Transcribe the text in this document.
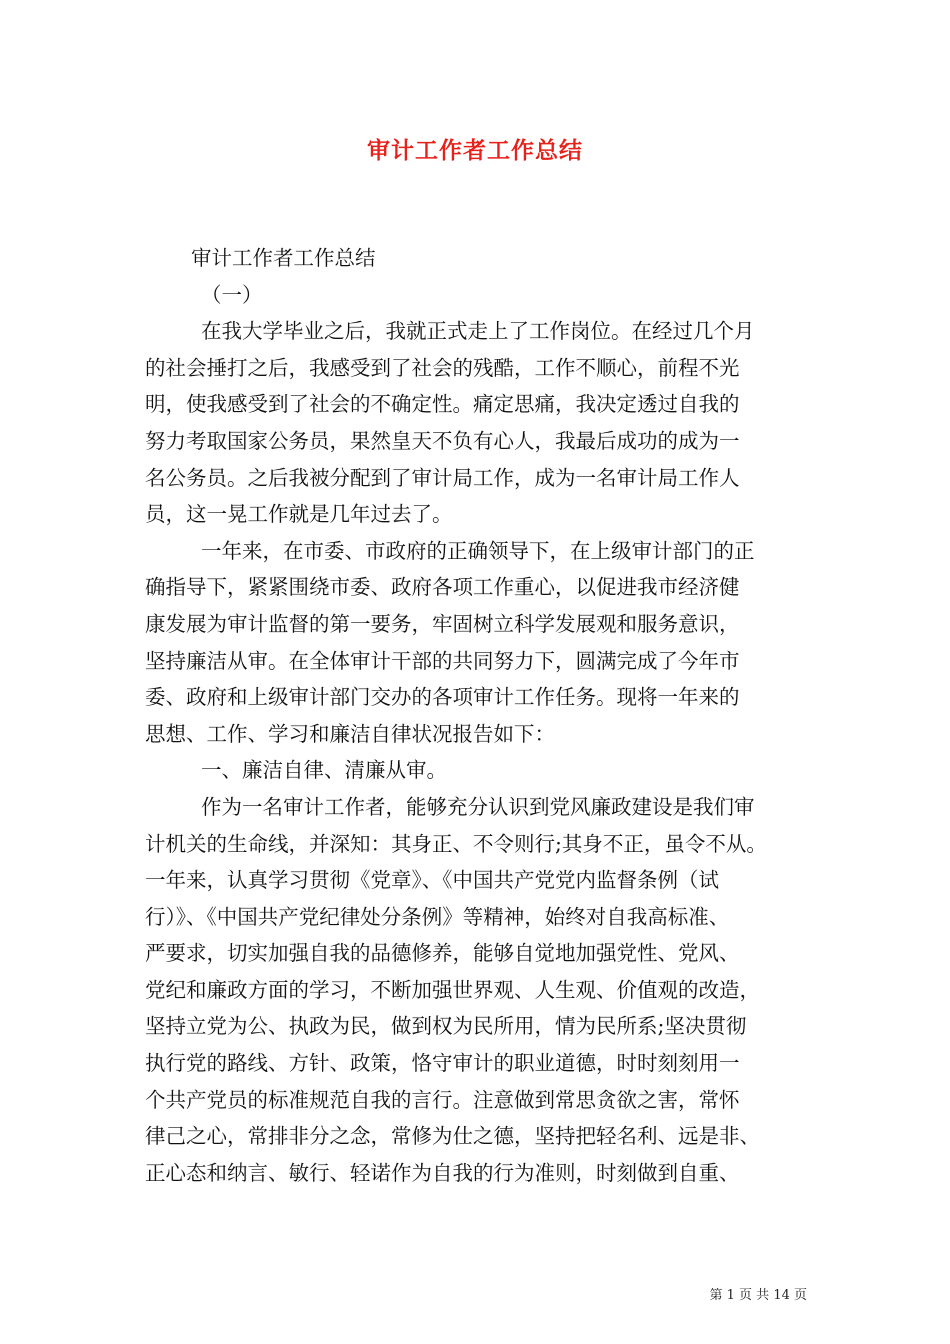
审计工作者工作总结
审计工作者工作总结
（一）
在我大学毕业之后，我就正式走上了工作岗位。在经过几个月
的社会捶打之后，我感受到了社会的残酷，工作不顺心，前程不光
明，使我感受到了社会的不确定性。痛定思痛，我决定透过自我的
努力考取国家公务员，果然皇天不负有心人，我最后成功的成为一
名公务员。之后我被分配到了审计局工作，成为一名审计局工作人
员，这一晃工作就是几年过去了。
一年来，在市委、市政府的正确领导下，在上级审计部门的正
确指导下，紧紧围绕市委、政府各项工作重心，以促进我市经济健
康发展为审计监督的第一要务，牢固树立科学发展观和服务意识，
坚持廉洁从审。在全体审计干部的共同努力下，圆满完成了今年市
委、政府和上级审计部门交办的各项审计工作任务。现将一年来的
思想、工作、学习和廉洁自律状况报告如下：
一、廉洁自律、清廉从审。
作为一名审计工作者，能够充分认识到党风廉政建设是我们审
计机关的生命线，并深知：其身正、不令则行;其身不正，虽令不从。
一年来，认真学习贯彻《党章》、《中国共产党党内监督条例（试
行）》、《中国共产党纪律处分条例》等精神，始终对自我高标准、
严要求，切实加强自我的品德修养，能够自觉地加强党性、党风、
党纪和廉政方面的学习，不断加强世界观、人生观、价值观的改造，
坚持立党为公、执政为民，做到权为民所用，情为民所系;坚决贯彻
执行党的路线、方针、政策，恪守审计的职业道德，时时刻刻用一
个共产党员的标准规范自我的言行。注意做到常思贪欲之害，常怀
律己之心，常排非分之念，常修为仕之德，坚持把轻名利、远是非、
正心态和纳言、敏行、轻诺作为自我的行为准则，时刻做到自重、
第 1 页 共 14 页
